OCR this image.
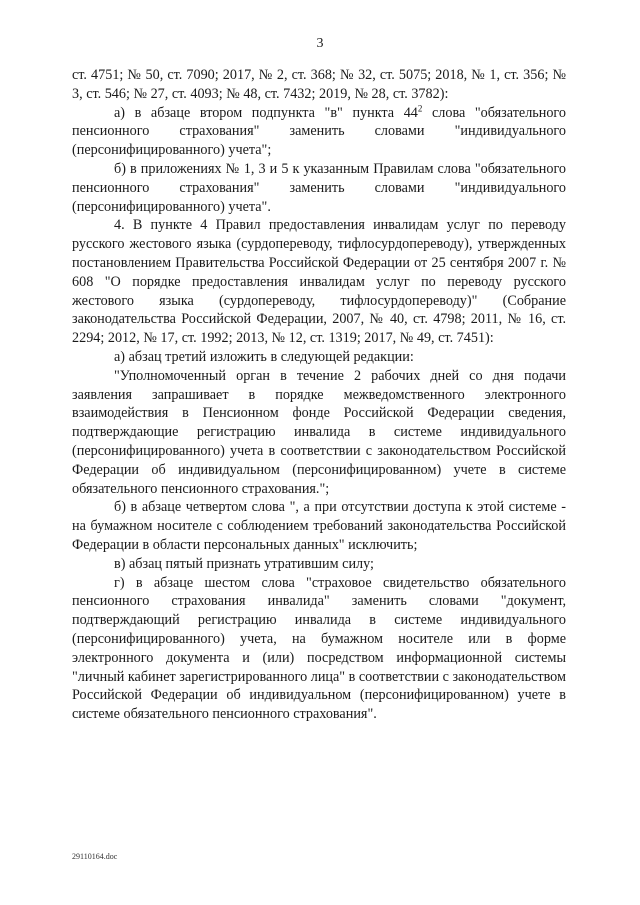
3

ст. 4751; № 50, ст. 7090; 2017, № 2, ст. 368; № 32, ст. 5075; 2018, № 1, ст. 356; № 3, ст. 546; № 27, ст. 4093; № 48, ст. 7432; 2019, № 28, ст. 3782):

а) в абзаце втором подпункта "в" пункта $44^2$ слова "обязательного пенсионного страхования" заменить словами "индивидуального (персонифицированного) учета";

б) в приложениях № 1, 3 и 5 к указанным Правилам слова "обязательного пенсионного страхования" заменить словами "индивидуального (персонифицированного) учета".

4. В пункте 4 Правил предоставления инвалидам услуг по переводу русского жестового языка (сурдопереводу, тифлосурдопереводу), утвержденных постановлением Правительства Российской Федерации от 25 сентября 2007 г. № 608 "О порядке предоставления инвалидам услуг по переводу русского жестового языка (сурдопереводу, тифлосурдопереводу)" (Собрание законодательства Российской Федерации, 2007, № 40, ст. 4798; 2011, № 16, ст. 2294; 2012, № 17, ст. 1992; 2013, № 12, ст. 1319; 2017, № 49, ст. 7451):

а) абзац третий изложить в следующей редакции:

"Уполномоченный орган в течение 2 рабочих дней со дня подачи заявления запрашивает в порядке межведомственного электронного взаимодействия в Пенсионном фонде Российской Федерации сведения, подтверждающие регистрацию инвалида в системе индивидуального (персонифицированного) учета в соответствии с законодательством Российской Федерации об индивидуальном (персонифицированном) учете в системе обязательного пенсионного страхования.";

б) в абзаце четвертом слова ", а при отсутствии доступа к этой системе - на бумажном носителе с соблюдением требований законодательства Российской Федерации в области персональных данных" исключить;

в) абзац пятый признать утратившим силу;

г) в абзаце шестом слова "страховое свидетельство обязательного пенсионного страхования инвалида" заменить словами "документ, подтверждающий регистрацию инвалида в системе индивидуального (персонифицированного) учета, на бумажном носителе или в форме электронного документа и (или) посредством информационной системы "личный кабинет зарегистрированного лица" в соответствии с законодательством Российской Федерации об индивидуальном (персонифицированном) учете в системе обязательного пенсионного страхования".

29110164.doc
